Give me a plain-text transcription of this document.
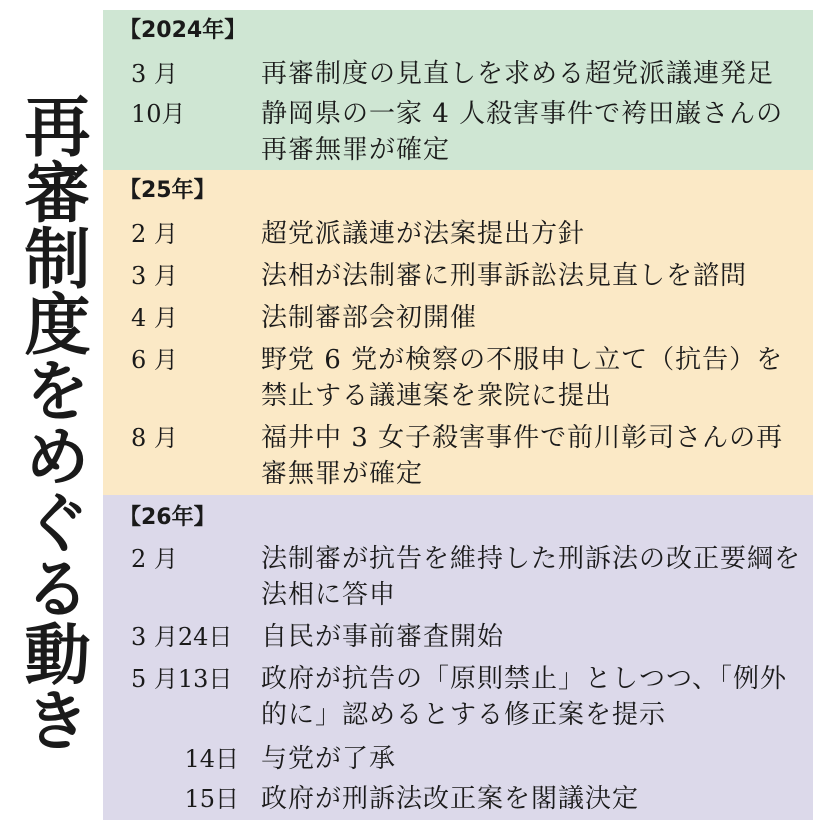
再審制度をめぐる動き
【2024年】
3 月	再審制度の見直しを求める超党派議連発足
10月	静岡県の一家 4 人殺害事件で袴田巌さんの再審無罪が確定
【25年】
2 月	超党派議連が法案提出方針
3 月	法相が法制審に刑事訴訟法見直しを諮問
4 月	法制審部会初開催
6 月	野党 6 党が検察の不服申し立て（抗告）を禁止する議連案を衆院に提出
8 月	福井中 3 女子殺害事件で前川彰司さんの再審無罪が確定
【26年】
2 月	法制審が抗告を維持した刑訴法の改正要綱を法相に答申
3 月24日	自民が事前審査開始
5 月13日	政府が抗告の「原則禁止」としつつ、「例外的に」認めるとする修正案を提示
14日 与党が了承
15日 政府が刑訴法改正案を閣議決定
